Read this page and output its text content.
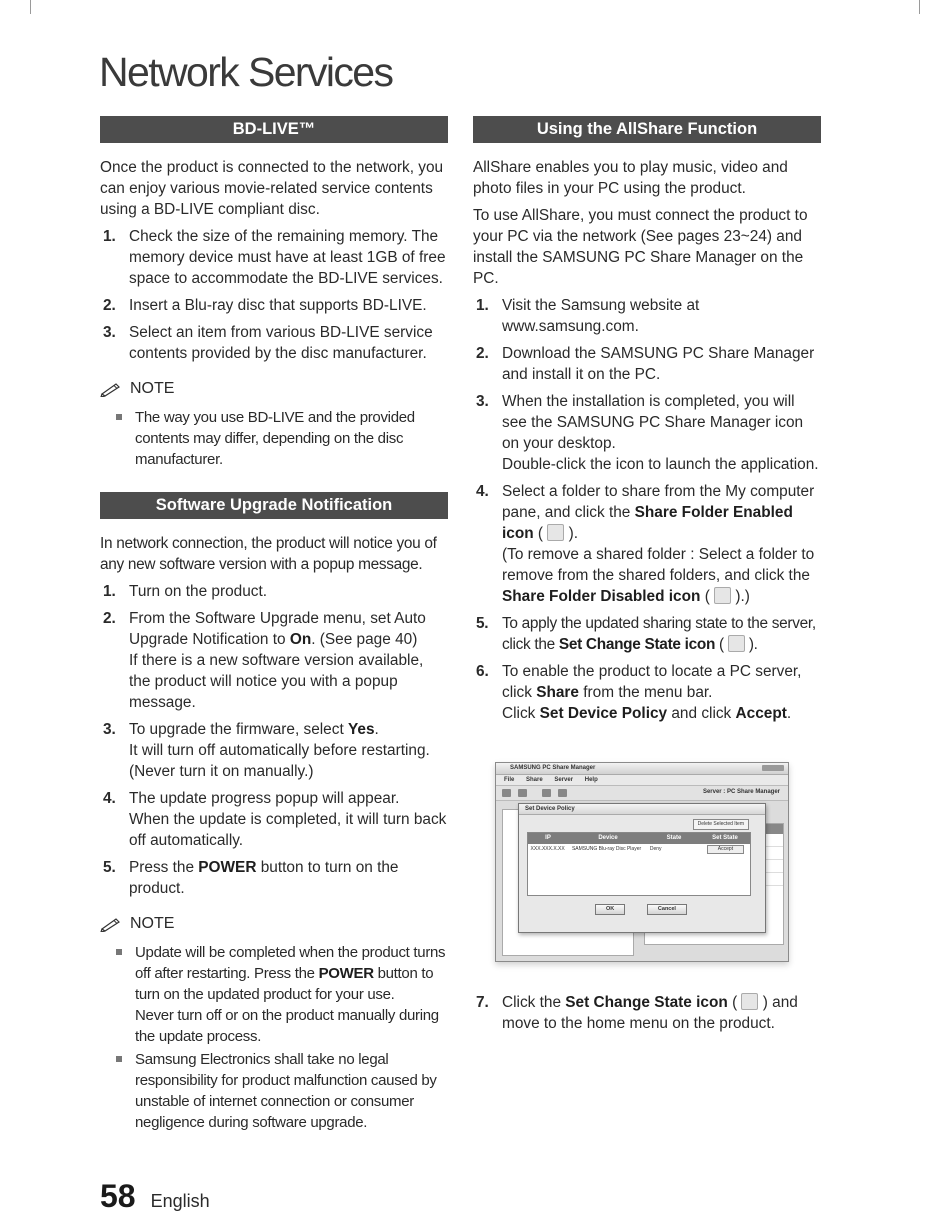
Network Services
BD-LIVE™

Once the product is connected to the network, you can enjoy various movie-related service contents using a BD-LIVE compliant disc.

1. Check the size of the remaining memory. The memory device must have at least 1GB of free space to accommodate the BD-LIVE services.
2. Insert a Blu-ray disc that supports BD-LIVE.
3. Select an item from various BD-LIVE service contents provided by the disc manufacturer.
NOTE
The way you use BD-LIVE and the provided contents may differ, depending on the disc manufacturer.
Software Upgrade Notification

In network connection, the product will notice you of any new software version with a popup message.

1. Turn on the product.
2. From the Software Upgrade menu, set Auto Upgrade Notification to On. (See page 40)
If there is a new software version available, the product will notice you with a popup message.
3. To upgrade the firmware, select Yes.
It will turn off automatically before restarting. (Never turn it on manually.)
4. The update progress popup will appear.
When the update is completed, it will turn back off automatically.
5. Press the POWER button to turn on the product.
NOTE
Update will be completed when the product turns off after restarting. Press the POWER button to turn on the updated product for your use.
Never turn off or on the product manually during the update process.
Samsung Electronics shall take no legal responsibility for product malfunction caused by unstable of internet connection or consumer negligence during software upgrade.
Using the AllShare Function

AllShare enables you to play music, video and photo files in your PC using the product.

To use AllShare, you must connect the product to your PC via the network (See pages 23~24) and install the SAMSUNG PC Share Manager on the PC.

1. Visit the Samsung website at www.samsung.com.
2. Download the SAMSUNG PC Share Manager and install it on the PC.
3. When the installation is completed, you will see the SAMSUNG PC Share Manager icon on your desktop.
Double-click the icon to launch the application.
4. Select a folder to share from the My computer pane, and click the Share Folder Enabled icon (  ).
(To remove a shared folder : Select a folder to remove from the shared folders, and click the Share Folder Disabled icon (  ).)
5. To apply the updated sharing state to the server, click the Set Change State icon (  ).
6. To enable the product to locate a PC server, click Share from the menu bar.
Click Set Device Policy and click Accept.
SAMSUNG PC Share Manager
File Share Server Help
Server : PC Share Manager
Set Device Policy
Delete Selected Item
IP	Device	State	Set State
XXX.XXX.X.XX	SAMSUNG Blu-ray Disc Player	Deny	Accept
OK	Cancel
7. Click the Set Change State icon (  ) and move to the home menu on the product.
58 English
